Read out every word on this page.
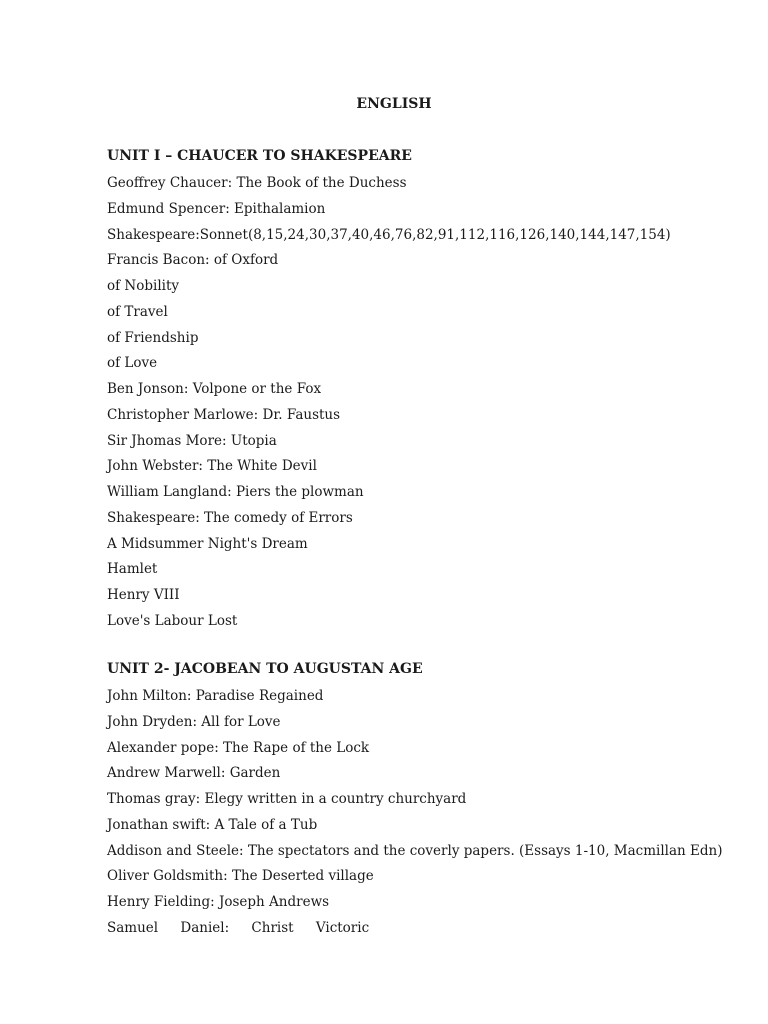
ENGLISH
UNIT I – CHAUCER TO SHAKESPEARE
Geoffrey Chaucer: The Book of the Duchess
Edmund Spencer: Epithalamion
Shakespeare:Sonnet(8,15,24,30,37,40,46,76,82,91,112,116,126,140,144,147,154)
Francis Bacon: of Oxford
of Nobility
of Travel
of Friendship
of Love
Ben Jonson: Volpone or the Fox
Christopher Marlowe: Dr. Faustus
Sir Jhomas More: Utopia
John Webster: The White Devil
William Langland: Piers the plowman
Shakespeare: The comedy of Errors
A Midsummer Night's Dream
Hamlet
Henry VIII
Love's Labour Lost
UNIT 2- JACOBEAN TO AUGUSTAN AGE
John Milton: Paradise Regained
John Dryden: All for Love
Alexander pope: The Rape of the Lock
Andrew Marwell: Garden
Thomas gray: Elegy written in a country churchyard
Jonathan swift: A Tale of a Tub
Addison and Steele: The spectators and the coverly papers. (Essays 1-10, Macmillan Edn)
Oliver Goldsmith: The Deserted village
Henry Fielding: Joseph Andrews
Samuel Daniel: Christ Victoric
